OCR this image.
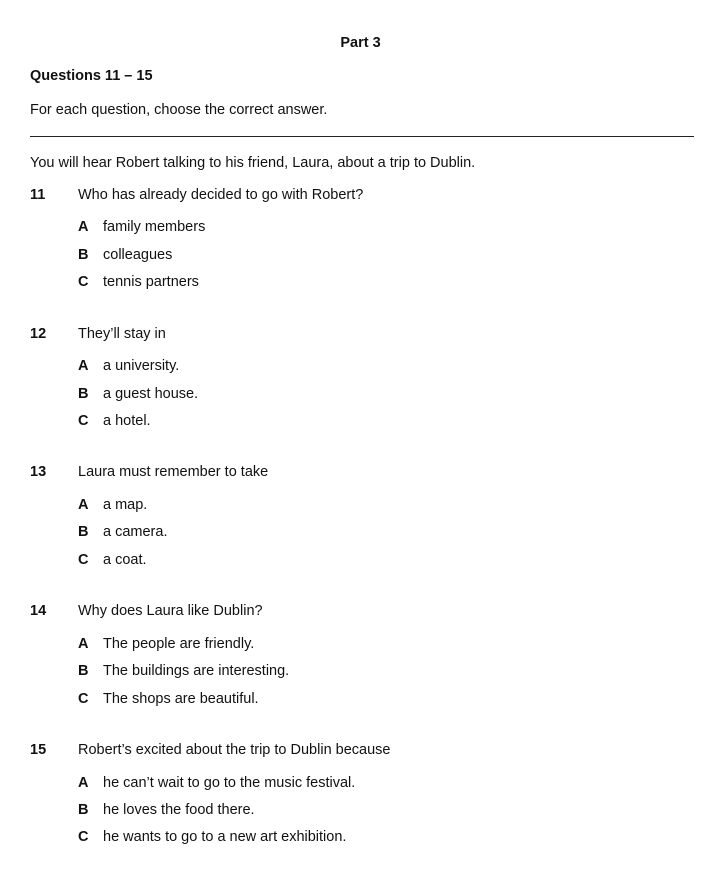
Part 3
Questions 11 – 15
For each question, choose the correct answer.
You will hear Robert talking to his friend, Laura, about a trip to Dublin.
11 Who has already decided to go with Robert?
A family members
B colleagues
C tennis partners
12 They’ll stay in
A a university.
B a guest house.
C a hotel.
13 Laura must remember to take
A a map.
B a camera.
C a coat.
14 Why does Laura like Dublin?
A The people are friendly.
B The buildings are interesting.
C The shops are beautiful.
15 Robert’s excited about the trip to Dublin because
A he can’t wait to go to the music festival.
B he loves the food there.
C he wants to go to a new art exhibition.
